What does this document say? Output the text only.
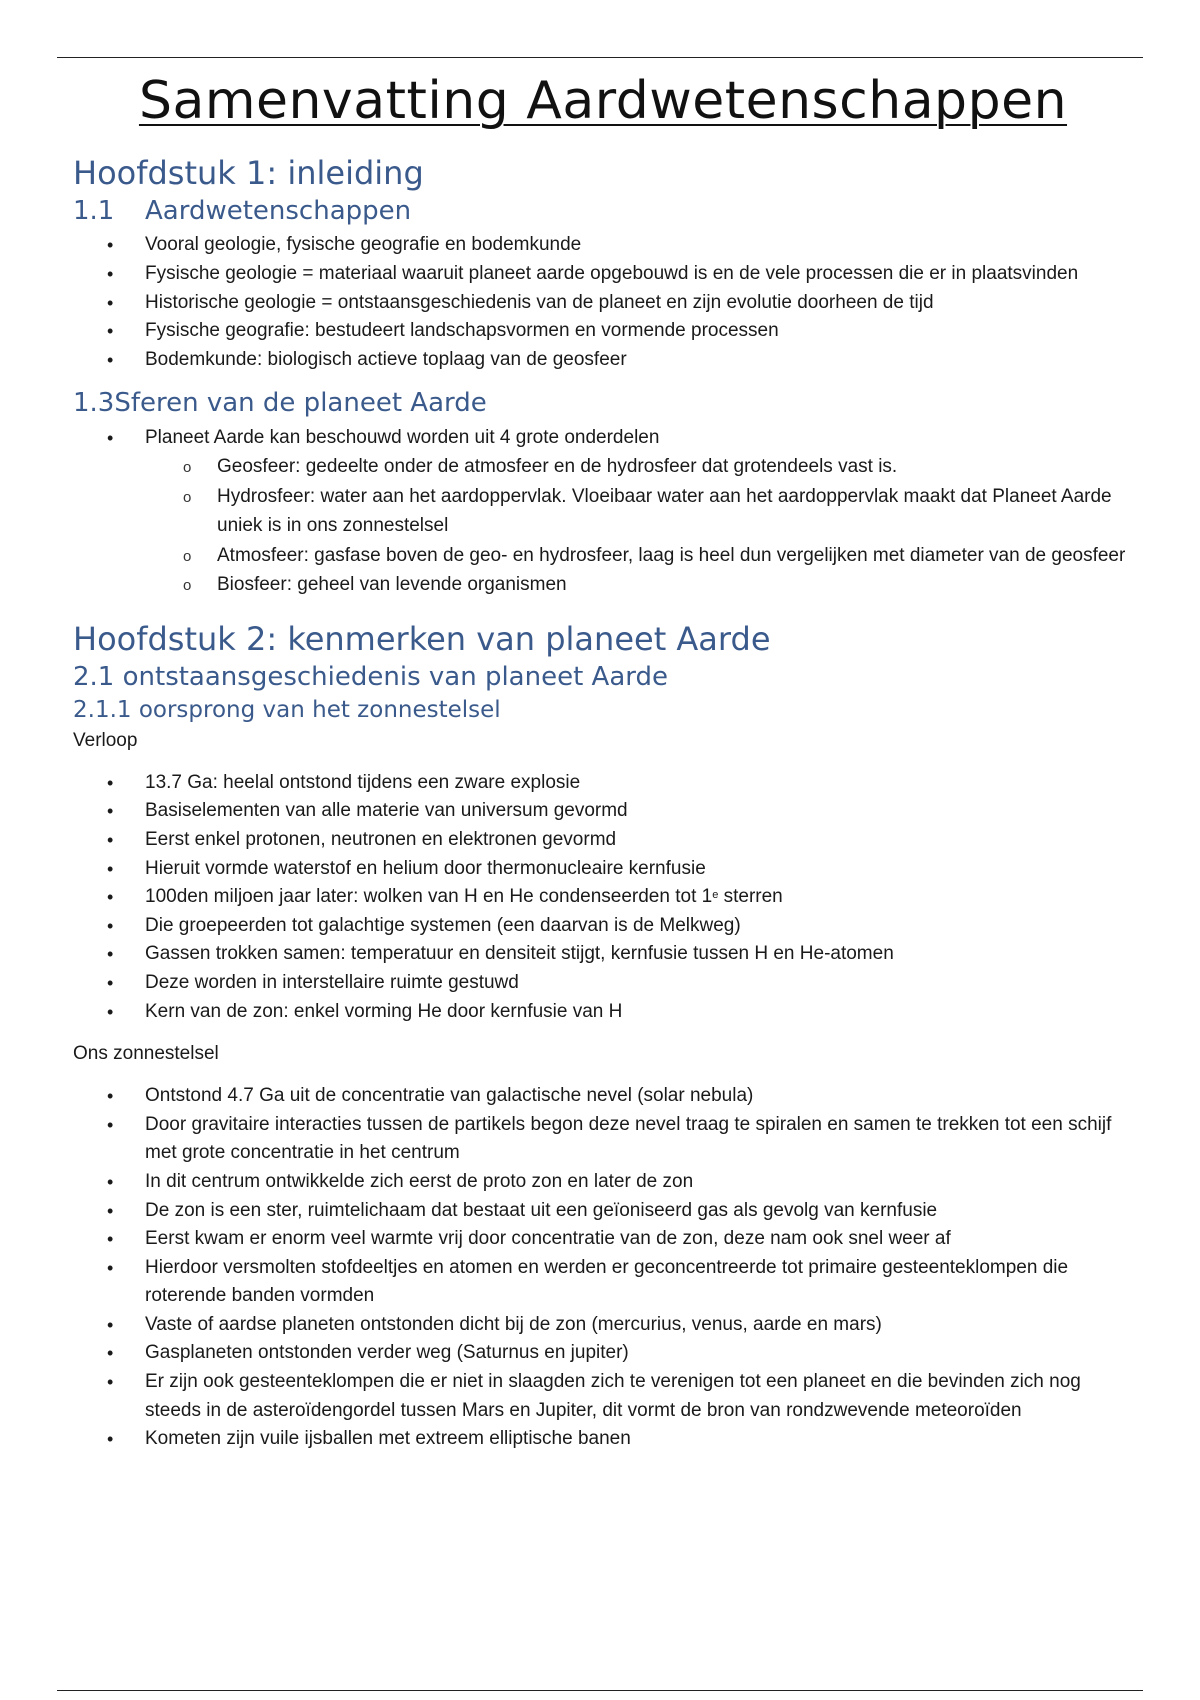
Samenvatting Aardwetenschappen
Hoofdstuk 1: inleiding
1.1 Aardwetenschappen
• Vooral geologie, fysische geografie en bodemkunde
• Fysische geologie = materiaal waaruit planeet aarde opgebouwd is en de vele processen die er in plaatsvinden
• Historische geologie = ontstaansgeschiedenis van de planeet en zijn evolutie doorheen de tijd
• Fysische geografie: bestudeert landschapsvormen en vormende processen
• Bodemkunde: biologisch actieve toplaag van de geosfeer
1.3Sferen van de planeet Aarde
• Planeet Aarde kan beschouwd worden uit 4 grote onderdelen
o Geosfeer: gedeelte onder de atmosfeer en de hydrosfeer dat grotendeels vast is.
o Hydrosfeer: water aan het aardoppervlak. Vloeibaar water aan het aardoppervlak maakt dat Planeet Aarde uniek is in ons zonnestelsel
o Atmosfeer: gasfase boven de geo- en hydrosfeer, laag is heel dun vergelijken met diameter van de geosfeer
o Biosfeer: geheel van levende organismen
Hoofdstuk 2: kenmerken van planeet Aarde
2.1 ontstaansgeschiedenis van planeet Aarde
2.1.1 oorsprong van het zonnestelsel

Verloop

• 13.7 Ga: heelal ontstond tijdens een zware explosie
• Basiselementen van alle materie van universum gevormd
• Eerst enkel protonen, neutronen en elektronen gevormd
• Hieruit vormde waterstof en helium door thermonucleaire kernfusie
• 100den miljoen jaar later: wolken van H en He condenseerden tot 1e sterren
• Die groepeerden tot galachtige systemen (een daarvan is de Melkweg)
• Gassen trokken samen: temperatuur en densiteit stijgt, kernfusie tussen H en He-atomen
• Deze worden in interstellaire ruimte gestuwd
• Kern van de zon: enkel vorming He door kernfusie van H

Ons zonnestelsel

• Ontstond 4.7 Ga uit de concentratie van galactische nevel (solar nebula)
• Door gravitaire interacties tussen de partikels begon deze nevel traag te spiralen en samen te trekken tot een schijf met grote concentratie in het centrum
• In dit centrum ontwikkelde zich eerst de proto zon en later de zon
• De zon is een ster, ruimtelichaam dat bestaat uit een geïoniseerd gas als gevolg van kernfusie
• Eerst kwam er enorm veel warmte vrij door concentratie van de zon, deze nam ook snel weer af
• Hierdoor versmolten stofdeeltjes en atomen en werden er geconcentreerde tot primaire gesteenteklompen die roterende banden vormden
• Vaste of aardse planeten ontstonden dicht bij de zon (mercurius, venus, aarde en mars)
• Gasplaneten ontstonden verder weg (Saturnus en jupiter)
• Er zijn ook gesteenteklompen die er niet in slaagden zich te verenigen tot een planeet en die bevinden zich nog steeds in de asteroïdengordel tussen Mars en Jupiter, dit vormt de bron van rondzwevende meteoroïden
• Kometen zijn vuile ijsballen met extreem elliptische banen
